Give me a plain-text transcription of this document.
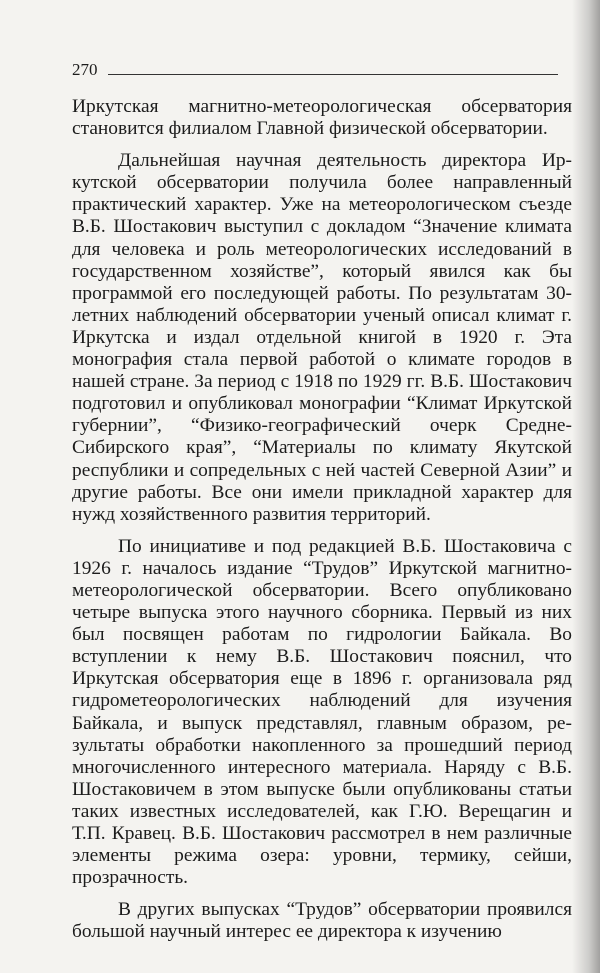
270

Иркутская магнитно-метеорологическая обсерватория становится филиалом Главной физической обсерватории.

Дальнейшая научная деятельность директора Иркутской обсерватории получила более направленный практический характер. Уже на метеорологическом съезде В.Б. Шостакович выступил с докладом “Значение климата для человека и роль метеорологических исследований в государственном хозяйстве”, который явился как бы программой его последующей работы. По результатам 30-летних наблюдений обсерватории ученый описал климат г. Иркутска и издал отдельной книгой в 1920 г. Эта монография стала первой работой о климате городов в нашей стране. За период с 1918 по 1929 гг. В.Б. Шостакович подготовил и опубликовал монографии “Климат Иркутской губернии”, “Физико-географический очерк Средне-Сибирского края”, “Материалы по климату Якутской республики и сопредельных с ней частей Северной Азии” и другие работы. Все они имели прикладной характер для нужд хозяйственного развития территорий.

По инициативе и под редакцией В.Б. Шостаковича с 1926 г. началось издание “Трудов” Иркутской магнитно-метеорологической обсерватории. Всего опубликовано четыре выпуска этого научного сборника. Первый из них был посвящен работам по гидрологии Байкала. Во вступлении к нему В.Б. Шостакович пояснил, что Иркутская обсерватория еще в 1896 г. организовала ряд гидрометеорологических наблюдений для изучения Байкала, и выпуск представлял, главным образом, результаты обработки накопленного за прошедший период многочисленного интересного материала. Наряду с В.Б. Шостаковичем в этом выпуске были опубликованы статьи таких известных исследователей, как Г.Ю. Верещагин и Т.П. Кравец. В.Б. Шостакович рассмотрел в нем различные элементы режима озера: уровни, термику, сейши, прозрачность.

В других выпусках “Трудов” обсерватории проявился большой научный интерес ее директора к изучению
